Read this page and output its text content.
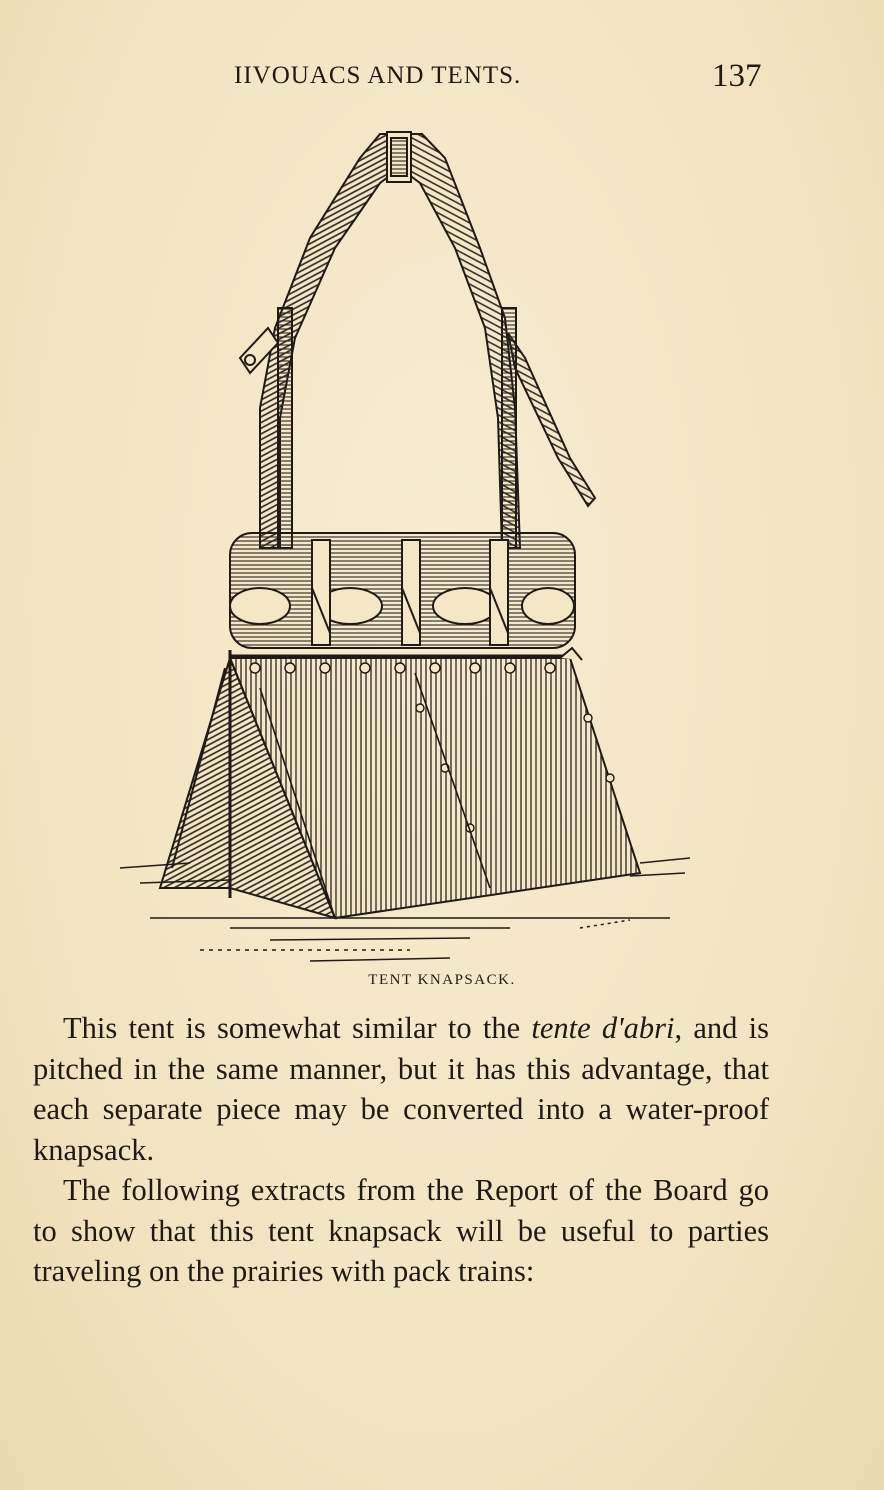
IIVOUACS AND TENTS.	137
TENT KNAPSACK.

This tent is somewhat similar to the tente d'abri, and is pitched in the same manner, but it has this advantage, that each separate piece may be converted into a water-proof knapsack.

The following extracts from the Report of the Board go to show that this tent knapsack will be useful to parties traveling on the prairies with pack trains:
